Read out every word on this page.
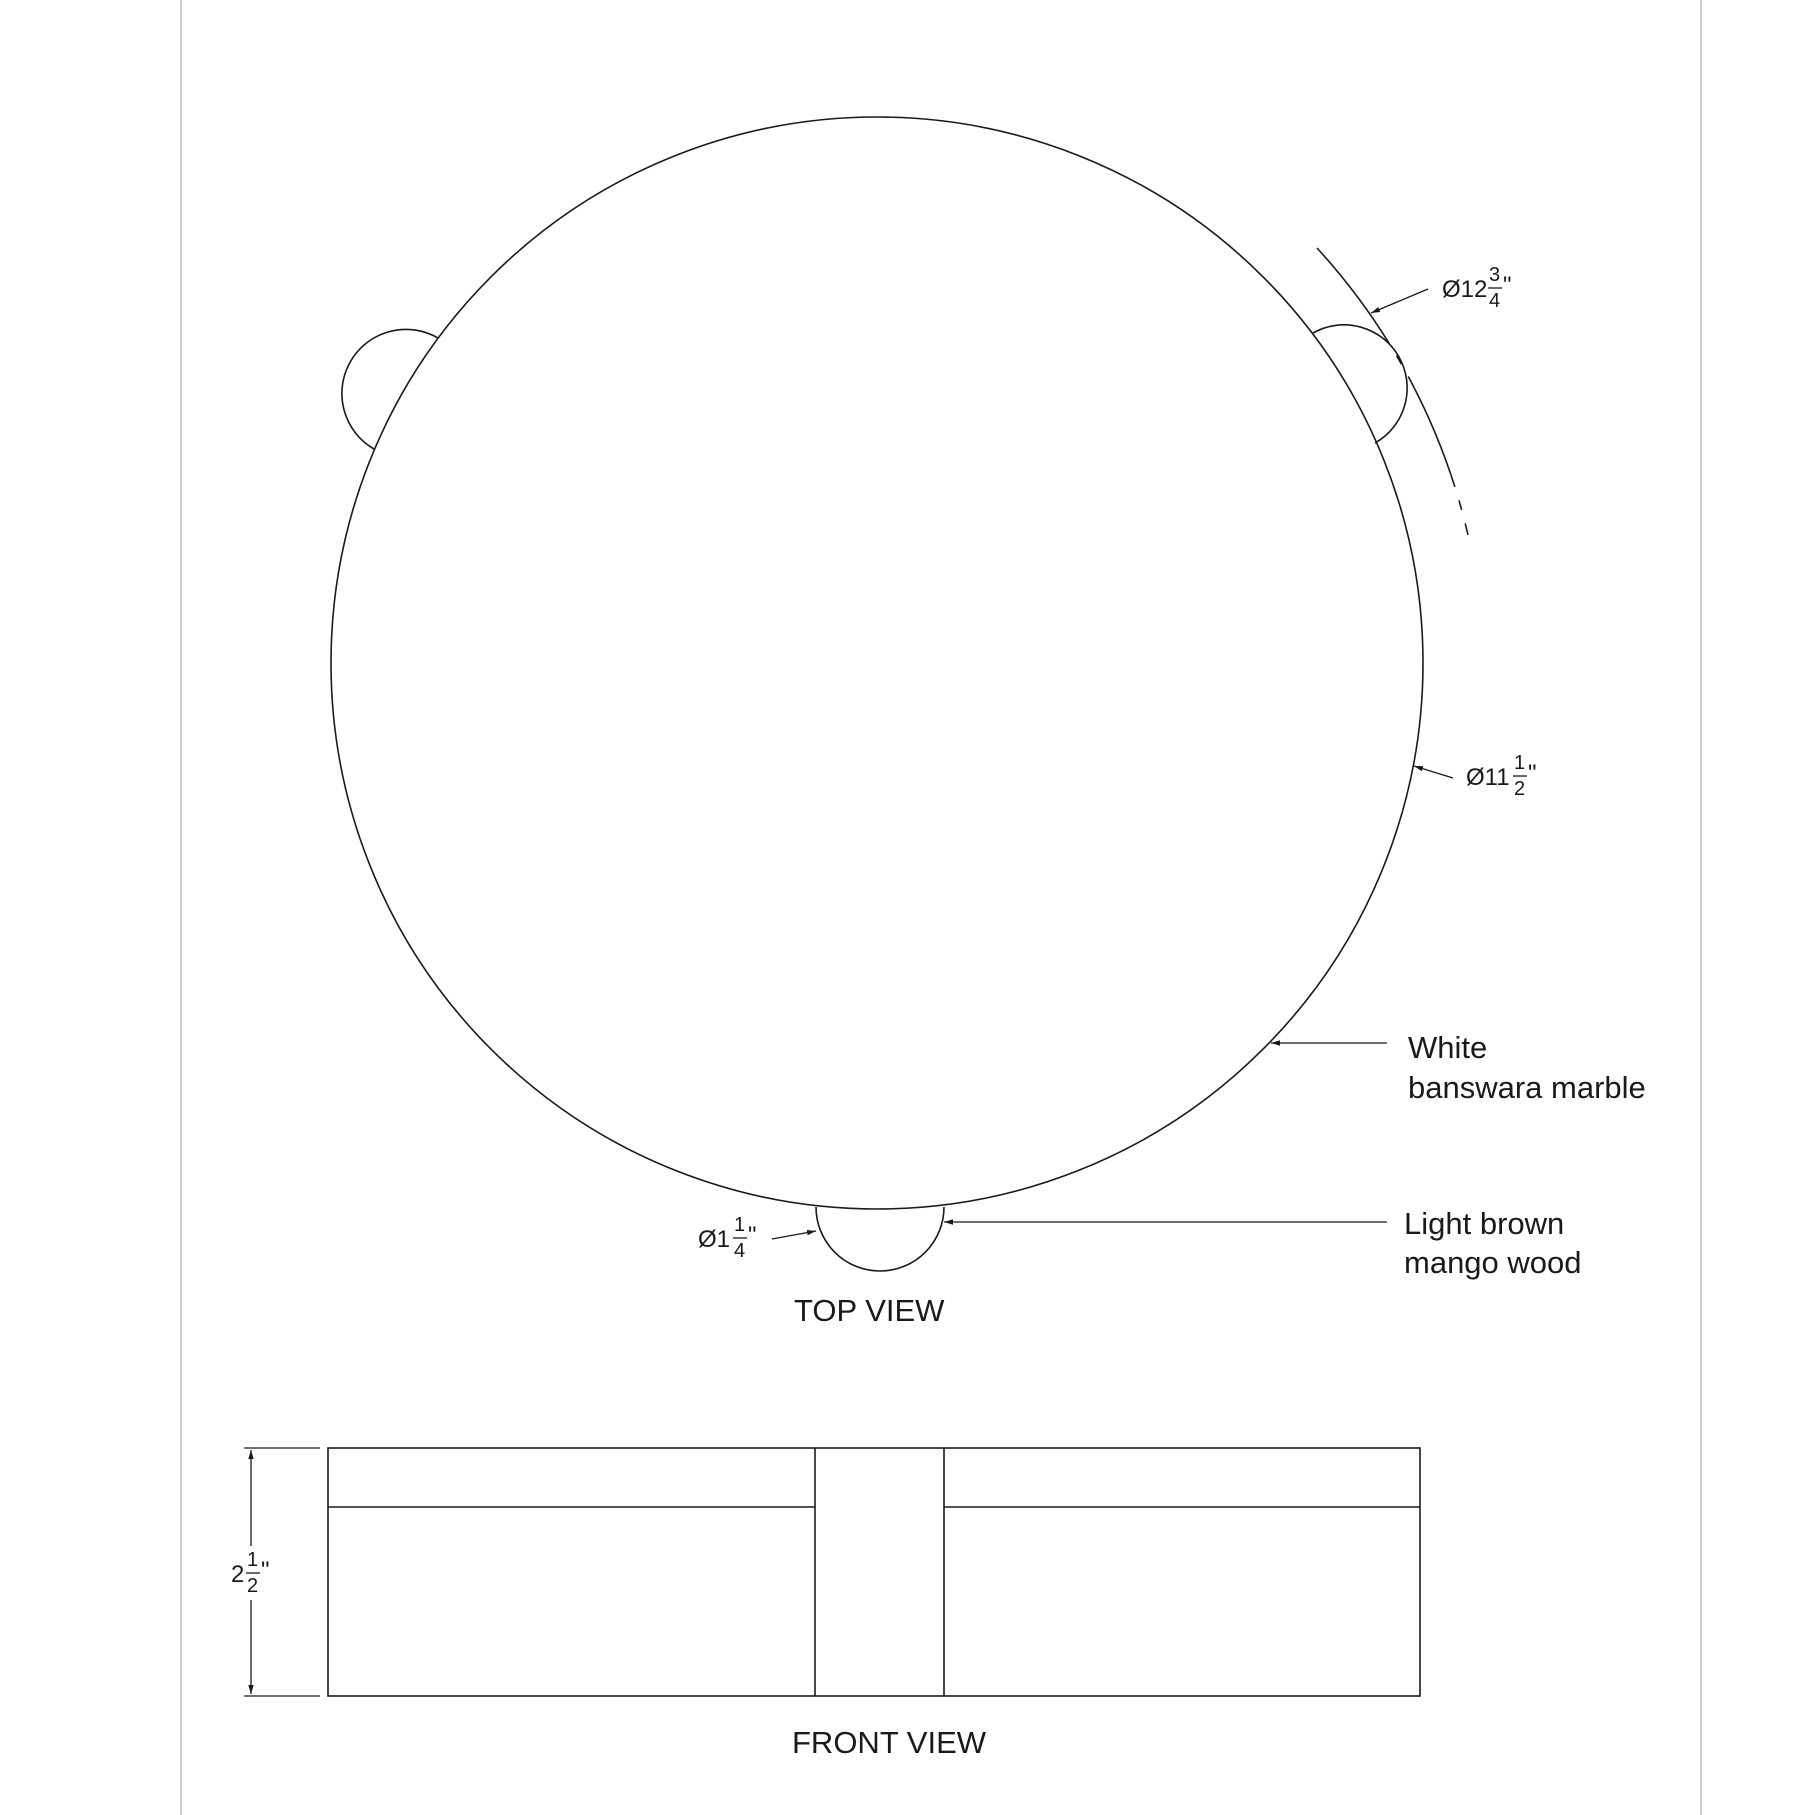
Ø12
3
4
"
Ø11
1
2
"
Ø1
1
4
"
White
banswara marble
Light brown
mango wood
TOP VIEW
2
1
2
"
FRONT VIEW
